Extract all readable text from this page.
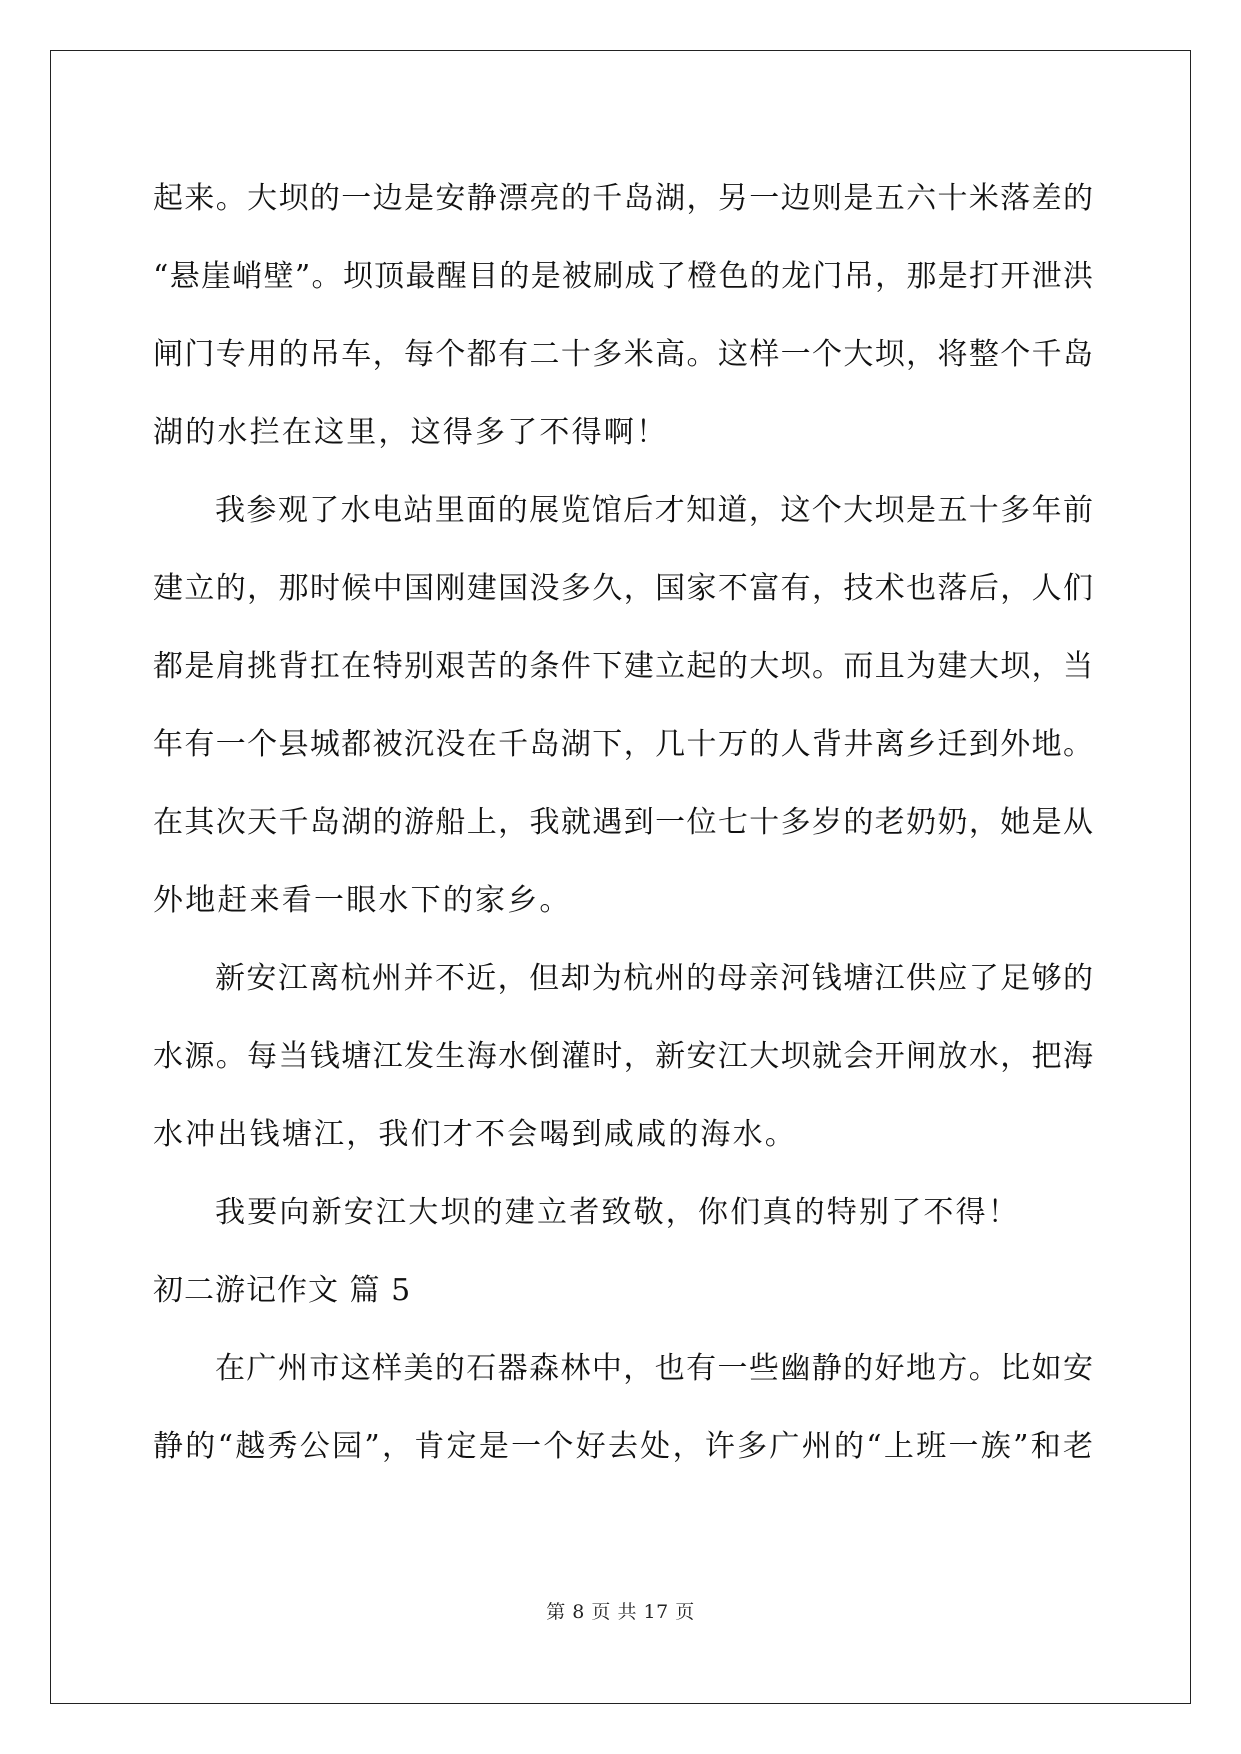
起来。大坝的一边是安静漂亮的千岛湖，另一边则是五六十米落差的
“悬崖峭壁”。坝顶最醒目的是被刷成了橙色的龙门吊，那是打开泄洪
闸门专用的吊车，每个都有二十多米高。这样一个大坝，将整个千岛
湖的水拦在这里，这得多了不得啊！
我参观了水电站里面的展览馆后才知道，这个大坝是五十多年前
建立的，那时候中国刚建国没多久，国家不富有，技术也落后，人们
都是肩挑背扛在特别艰苦的条件下建立起的大坝。而且为建大坝，当
年有一个县城都被沉没在千岛湖下，几十万的人背井离乡迁到外地。
在其次天千岛湖的游船上，我就遇到一位七十多岁的老奶奶，她是从
外地赶来看一眼水下的家乡。
新安江离杭州并不近，但却为杭州的母亲河钱塘江供应了足够的
水源。每当钱塘江发生海水倒灌时，新安江大坝就会开闸放水，把海
水冲出钱塘江，我们才不会喝到咸咸的海水。
我要向新安江大坝的建立者致敬，你们真的特别了不得！
初二游记作文 篇 5
在广州市这样美的石器森林中，也有一些幽静的好地方。比如安
静的“越秀公园”，肯定是一个好去处，许多广州的“上班一族”和老
第 8 页 共 17 页
